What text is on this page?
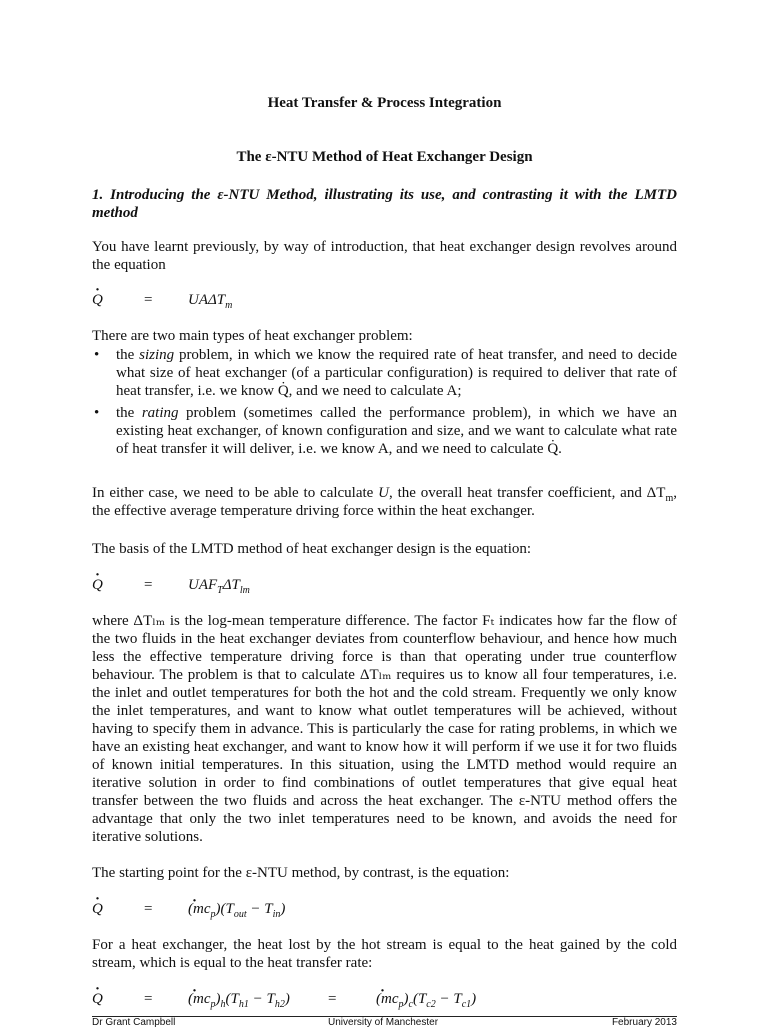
Heat Transfer & Process Integration
The ε-NTU Method of Heat Exchanger Design
1. Introducing the ε-NTU Method, illustrating its use, and contrasting it with the LMTD method
You have learnt previously, by way of introduction, that heat exchanger design revolves around the equation
· Q	= $UA\Delta T_m$
There are two main types of heat exchanger problem:
• the sizing problem, in which we know the required rate of heat transfer, and need to decide what size of heat exchanger (of a particular configuration) is required to deliver that rate of heat transfer, i.e. we know Q̇, and we need to calculate A;
• the rating problem (sometimes called the performance problem), in which we have an existing heat exchanger, of known configuration and size, and we want to calculate what rate of heat transfer it will deliver, i.e. we know A, and we need to calculate Q̇.
In either case, we need to be able to calculate U, the overall heat transfer coefficient, and $\Delta T_m$, the effective average temperature driving force within the heat exchanger.
The basis of the LMTD method of heat exchanger design is the equation:
· Q	= $UAF_T\Delta T_{lm}$
where ΔTₗₘ is the log-mean temperature difference. The factor Fₜ indicates how far the flow of the two fluids in the heat exchanger deviates from counterflow behaviour, and hence how much less the effective temperature driving force is than that operating under true counterflow behaviour. The problem is that to calculate ΔTₗₘ requires us to know all four temperatures, i.e. the inlet and outlet temperatures for both the hot and the cold stream. Frequently we only know the inlet temperatures, and want to know what outlet temperatures will be achieved, without having to specify them in advance. This is particularly the case for rating problems, in which we have an existing heat exchanger, and want to know how it will perform if we use it for two fluids of known initial temperatures. In this situation, using the LMTD method would require an iterative solution in order to find combinations of outlet temperatures that give equal heat transfer between the two fluids and across the heat exchanger. The ε-NTU method offers the advantage that only the two inlet temperatures need to be known, and avoids the need for iterative solutions.
The starting point for the ε-NTU method, by contrast, is the equation:
· Q	= · $(mc_p)(T_{out} - T_{in})$
For a heat exchanger, the heat lost by the hot stream is equal to the heat gained by the cold stream, which is equal to the heat transfer rate:
· Q	= · $(mc_p)_h(T_{h1} - T_{h2})$	=	· $(mc_p)_c(T_{c2} - T_{c1})$
Dr Grant Campbell	University of Manchester	February 2013
